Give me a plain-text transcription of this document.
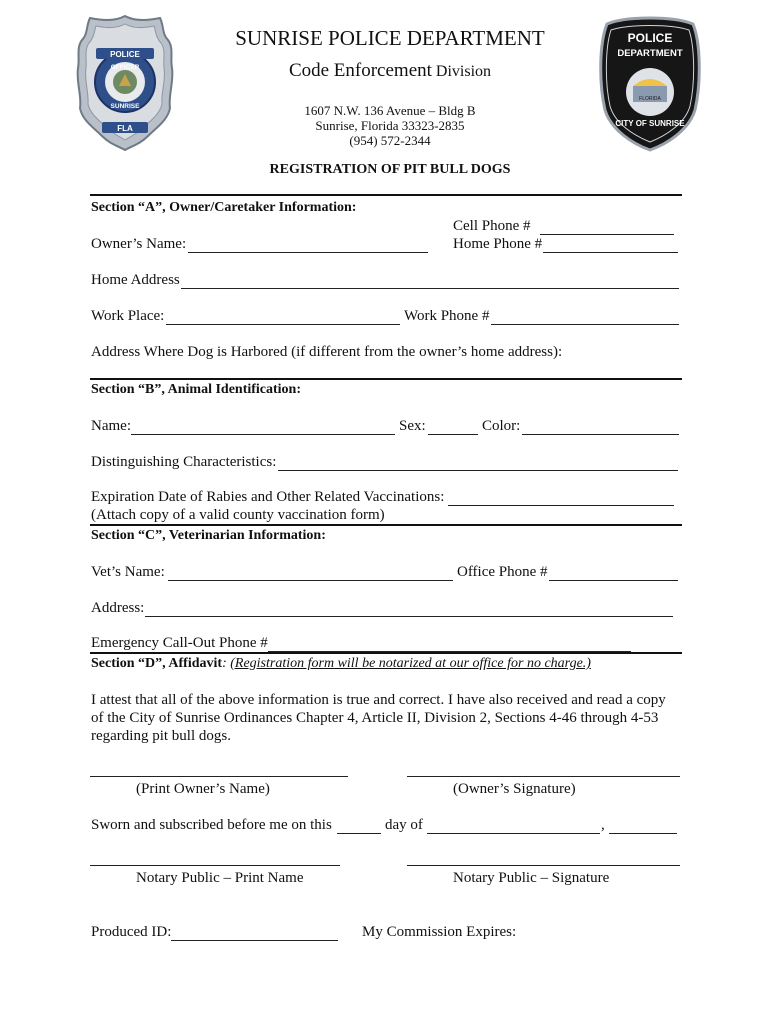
POLICE
OFFICER
SUNRISE
FLA
POLICE
DEPARTMENT
CITY OF SUNRISE
FLORIDA
SUNRISE POLICE DEPARTMENT
Code Enforcement Division
1607 N.W. 136 Avenue – Bldg B
Sunrise, Florida 33323-2835
(954) 572-2344
REGISTRATION OF PIT BULL DOGS
Section “A”, Owner/Caretaker Information:
Cell Phone #
Owner’s Name:	Home Phone #
Home Address
Work Place:	Work Phone #
Address Where Dog is Harbored (if different from the owner’s home address):
Section “B”, Animal Identification:
Name:	Sex:	Color:
Distinguishing Characteristics:
Expiration Date of Rabies and Other Related Vaccinations:
(Attach copy of a valid county vaccination form)
Section “C”, Veterinarian Information:
Vet’s Name:	Office Phone #
Address:
Emergency Call-Out Phone #
Section “D”, Affidavit: (Registration form will be notarized at our office for no charge.)
I attest that all of the above information is true and correct. I have also received and read a copy
of the City of Sunrise Ordinances Chapter 4, Article II, Division 2, Sections 4-46 through 4-53
regarding pit bull dogs.
(Print Owner’s Name)	(Owner’s Signature)
Sworn and subscribed before me on this	day of	,
Notary Public – Print Name	Notary Public – Signature
Produced ID:	My Commission Expires:
